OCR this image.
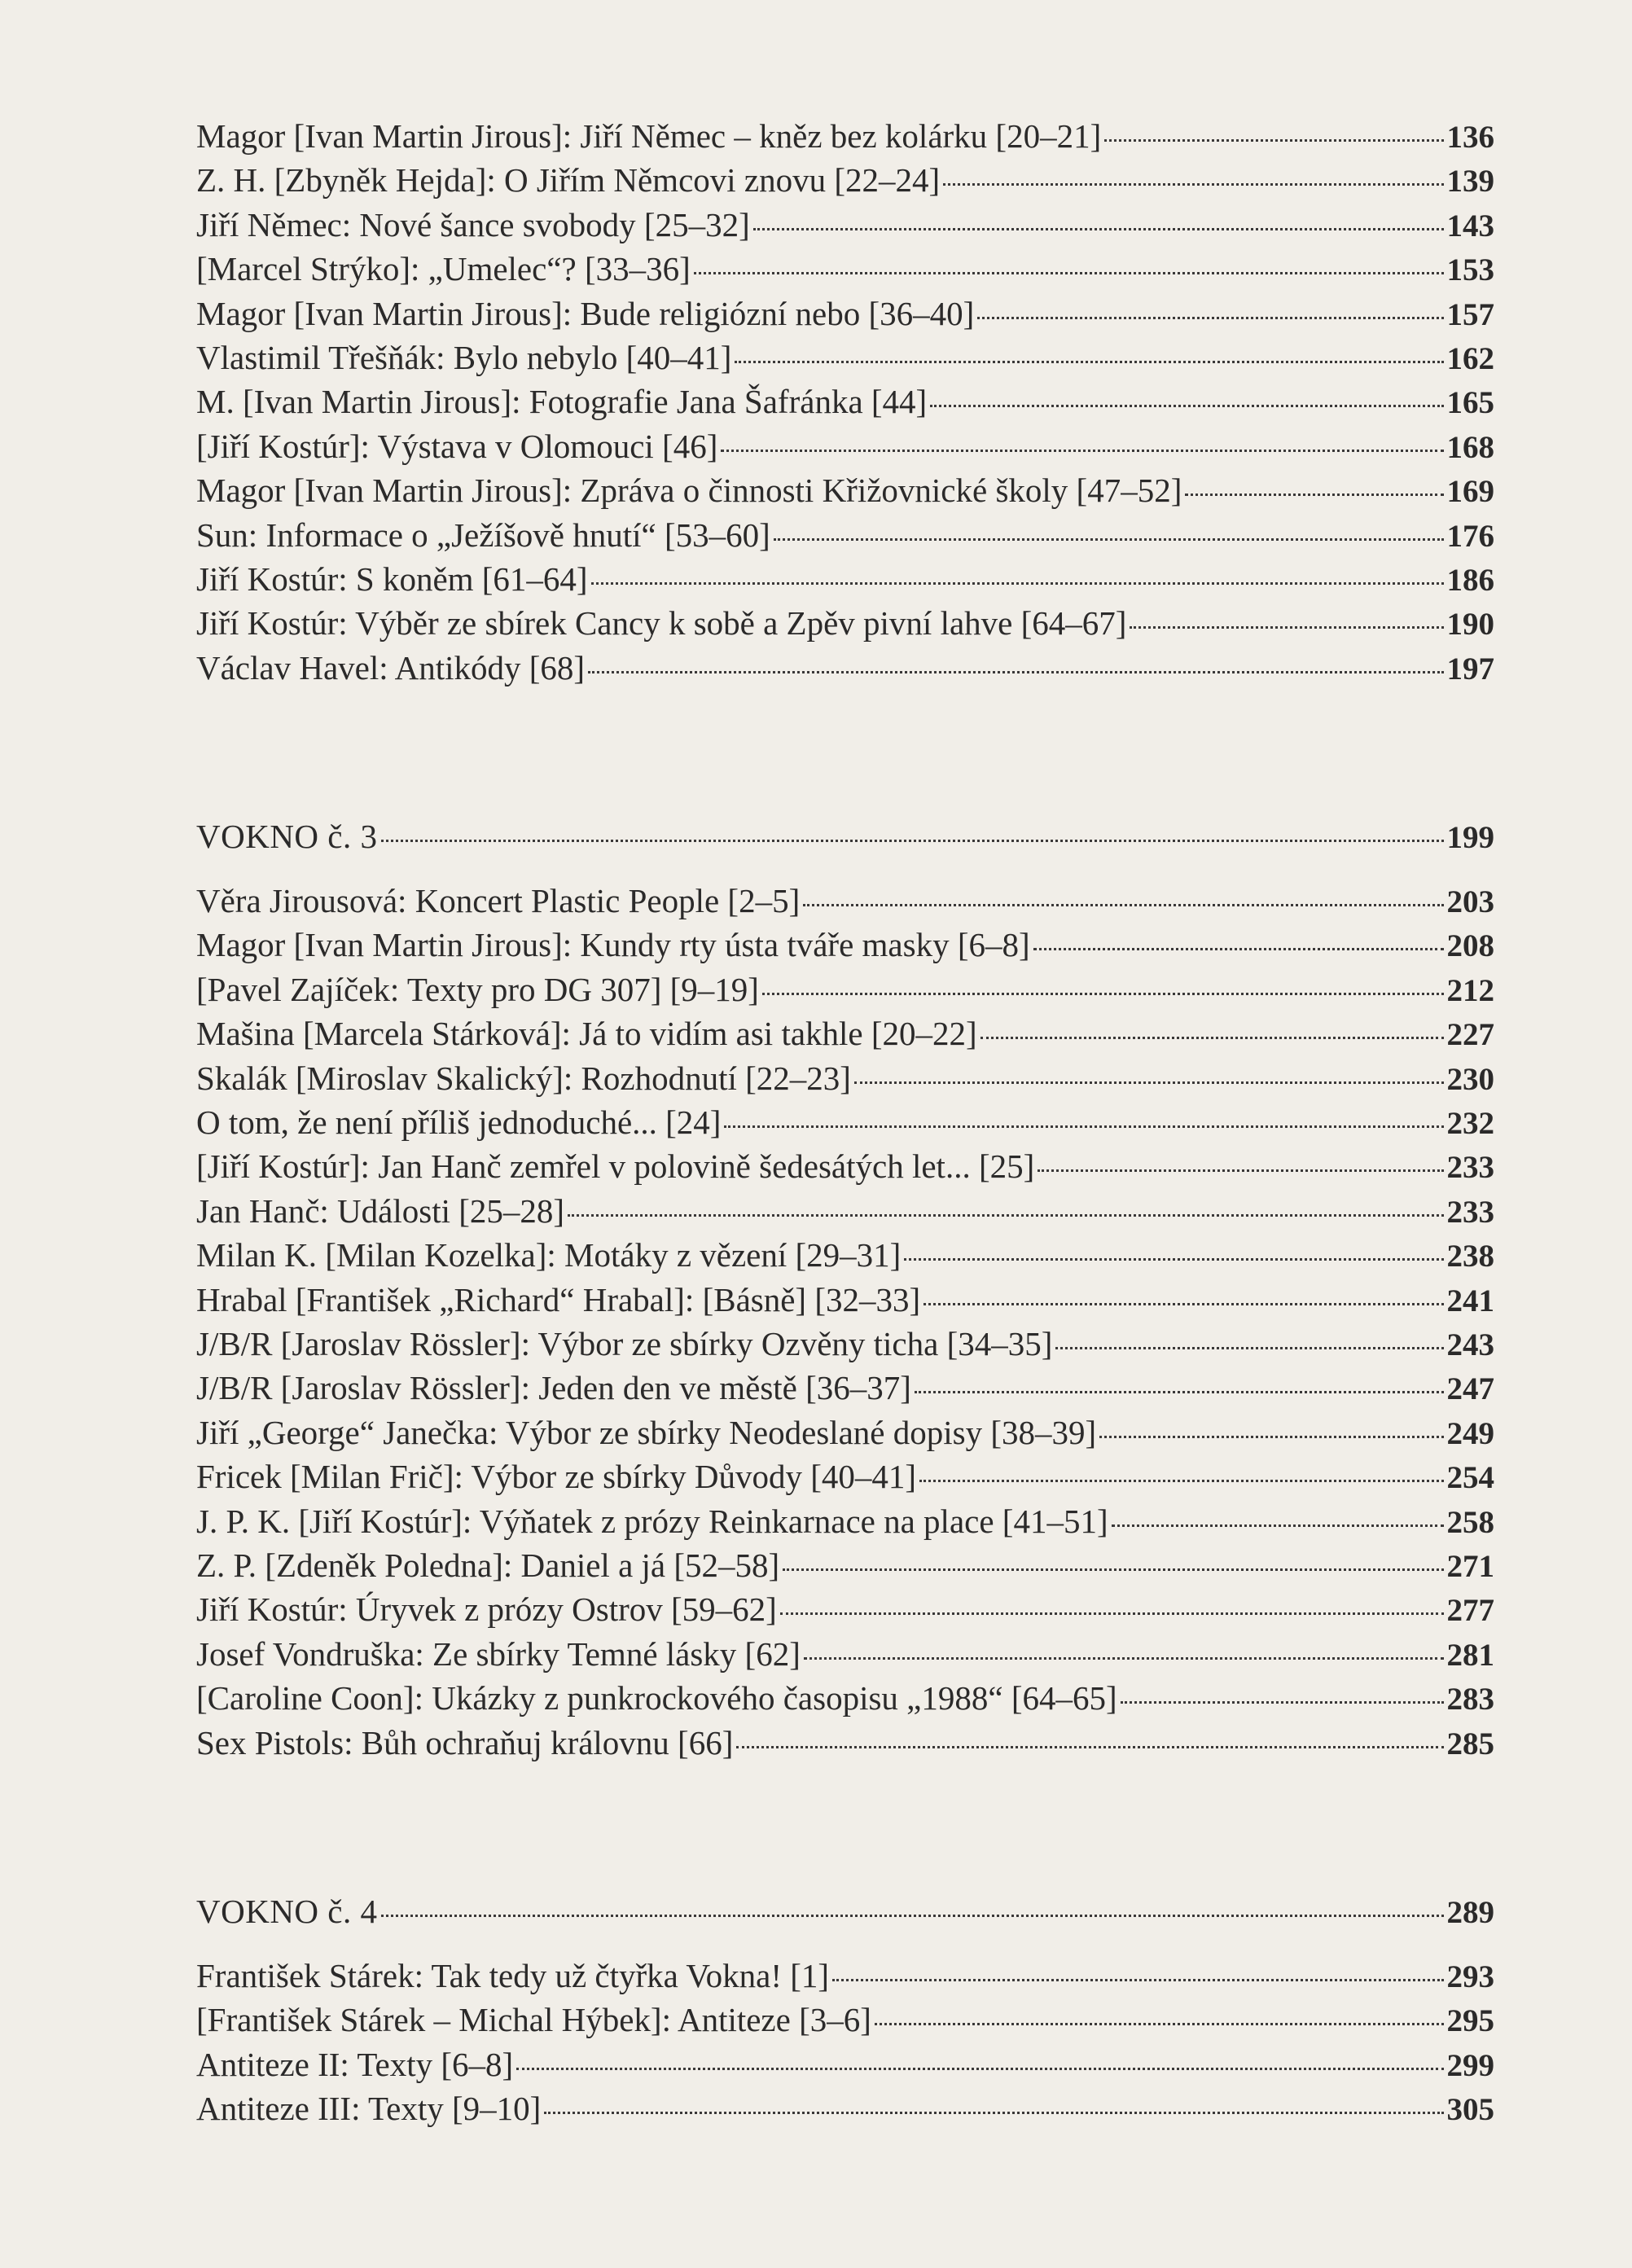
Magor [Ivan Martin Jirous]: Jiří Němec – kněz bez kolárku [20–21]	136
Z. H. [Zbyněk Hejda]: O Jiřím Němcovi znovu [22–24]	139
Jiří Němec: Nové šance svobody [25–32]	143
[Marcel Strýko]: „Umelec“? [33–36]	153
Magor [Ivan Martin Jirous]: Bude religiózní nebo [36–40]	157
Vlastimil Třešňák: Bylo nebylo [40–41]	162
M. [Ivan Martin Jirous]: Fotografie Jana Šafránka [44]	165
[Jiří Kostúr]: Výstava v Olomouci [46]	168
Magor [Ivan Martin Jirous]: Zpráva o činnosti Křižovnické školy [47–52]	169
Sun: Informace o „Ježíšově hnutí“ [53–60]	176
Jiří Kostúr: S koněm [61–64]	186
Jiří Kostúr: Výběr ze sbírek Cancy k sobě a Zpěv pivní lahve [64–67]	190
Václav Havel: Antikódy [68]	197
VOKNO č. 3	199
Věra Jirousová: Koncert Plastic People [2–5]	203
Magor [Ivan Martin Jirous]: Kundy rty ústa tváře masky [6–8]	208
[Pavel Zajíček: Texty pro DG 307] [9–19]	212
Mašina [Marcela Stárková]: Já to vidím asi takhle [20–22]	227
Skalák [Miroslav Skalický]: Rozhodnutí [22–23]	230
O tom, že není příliš jednoduché... [24]	232
[Jiří Kostúr]: Jan Hanč zemřel v polovině šedesátých let... [25]	233
Jan Hanč: Události [25–28]	233
Milan K. [Milan Kozelka]: Motáky z vězení [29–31]	238
Hrabal [František „Richard“ Hrabal]: [Básně] [32–33]	241
J/B/R [Jaroslav Rössler]: Výbor ze sbírky Ozvěny ticha [34–35]	243
J/B/R [Jaroslav Rössler]: Jeden den ve městě [36–37]	247
Jiří „George“ Janečka: Výbor ze sbírky Neodeslané dopisy [38–39]	249
Fricek [Milan Frič]: Výbor ze sbírky Důvody [40–41]	254
J. P. K. [Jiří Kostúr]: Výňatek z prózy Reinkarnace na place [41–51]	258
Z. P. [Zdeněk Poledna]: Daniel a já [52–58]	271
Jiří Kostúr: Úryvek z prózy Ostrov [59–62]	277
Josef Vondruška: Ze sbírky Temné lásky [62]	281
[Caroline Coon]: Ukázky z punkrockového časopisu „1988“ [64–65]	283
Sex Pistols: Bůh ochraňuj královnu [66]	285
VOKNO č. 4	289
František Stárek: Tak tedy už čtyřka Vokna! [1]	293
[František Stárek – Michal Hýbek]: Antiteze [3–6]	295
Antiteze II: Texty [6–8]	299
Antiteze III: Texty [9–10]	305
